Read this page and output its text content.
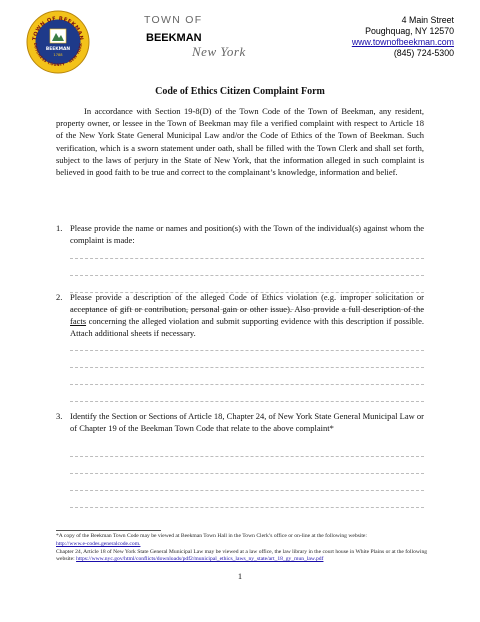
TOWN OF BEEKMAN
DUTCHESS COUNTY · NEW YORK
BEEKMAN
1788
TOWN OF
BEEKMAN
New York
4 Main Street
Poughquag, NY 12570
www.townofbeekman.com
(845) 724-5300
Code of Ethics Citizen Complaint Form

In accordance with Section 19-8(D) of the Town Code of the Town of Beekman, any resident, property owner, or lessee in the Town of Beekman may file a verified complaint with respect to Article 18 of the New York State General Municipal Law and/or the Code of Ethics of the Town of Beekman. Such verification, which is a sworn statement under oath, shall be filled with the Town Clerk and shall set forth, subject to the laws of perjury in the State of New York, that the information alleged in such complaint is believed in good faith to be true and correct to the complainant’s knowledge, information and belief.

1. Please provide the name or names and position(s) with the Town of the individual(s) against whom the complaint is made:
2. Please provide a description of the alleged Code of Ethics violation (e.g. improper solicitation or acceptance of gift or contribution, personal gain or other issue). Also provide a full description of the facts concerning the alleged violation and submit supporting evidence with this description if possible. Attach additional sheets if necessary.
3. Identify the Section or Sections of Article 18, Chapter 24, of New York State General Municipal Law or of Chapter 19 of the Beekman Town Code that relate to the above complaint*
*A copy of the Beekman Town Code may be viewed at Beekman Town Hall in the Town Clerk’s office or on-line at the following website:
http://www.e-codes.generalcode.com.
Chapter 24, Article 18 of New York State General Municipal Law may be viewed at a law office, the law library in the court house in White Plains or at the following website: https://www.nyc.gov/html/conflicts/downloads/pdf2/municipal_ethics_laws_ny_state/art_18_gy_mun_law.pdf
1
